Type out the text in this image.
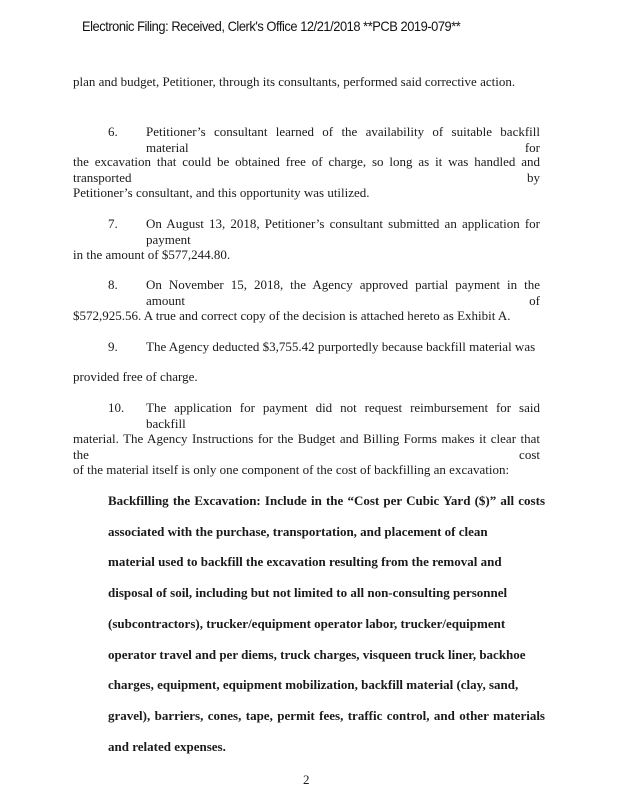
Electronic Filing: Received, Clerk's Office 12/21/2018 **PCB 2019-079**
plan and budget, Petitioner, through its consultants, performed said corrective action.
6. Petitioner’s consultant learned of the availability of suitable backfill material for
the excavation that could be obtained free of charge, so long as it was handled and transported by
Petitioner’s consultant, and this opportunity was utilized.
7. On August 13, 2018, Petitioner’s consultant submitted an application for payment
in the amount of $577,244.80.
8. On November 15, 2018, the Agency approved partial payment in the amount of
$572,925.56. A true and correct copy of the decision is attached hereto as Exhibit A.
9. The Agency deducted $3,755.42 purportedly because backfill material was
provided free of charge.
10. The application for payment did not request reimbursement for said backfill
material. The Agency Instructions for the Budget and Billing Forms makes it clear that the cost
of the material itself is only one component of the cost of backfilling an excavation:
Backfilling the Excavation: Include in the “Cost per Cubic Yard ($)” all costs
associated with the purchase, transportation, and placement of clean
material used to backfill the excavation resulting from the removal and
disposal of soil, including but not limited to all non-consulting personnel
(subcontractors), trucker/equipment operator labor, trucker/equipment
operator travel and per diems, truck charges, visqueen truck liner, backhoe
charges, equipment, equipment mobilization, backfill material (clay, sand,
gravel), barriers, cones, tape, permit fees, traffic control, and other materials
and related expenses.
2
